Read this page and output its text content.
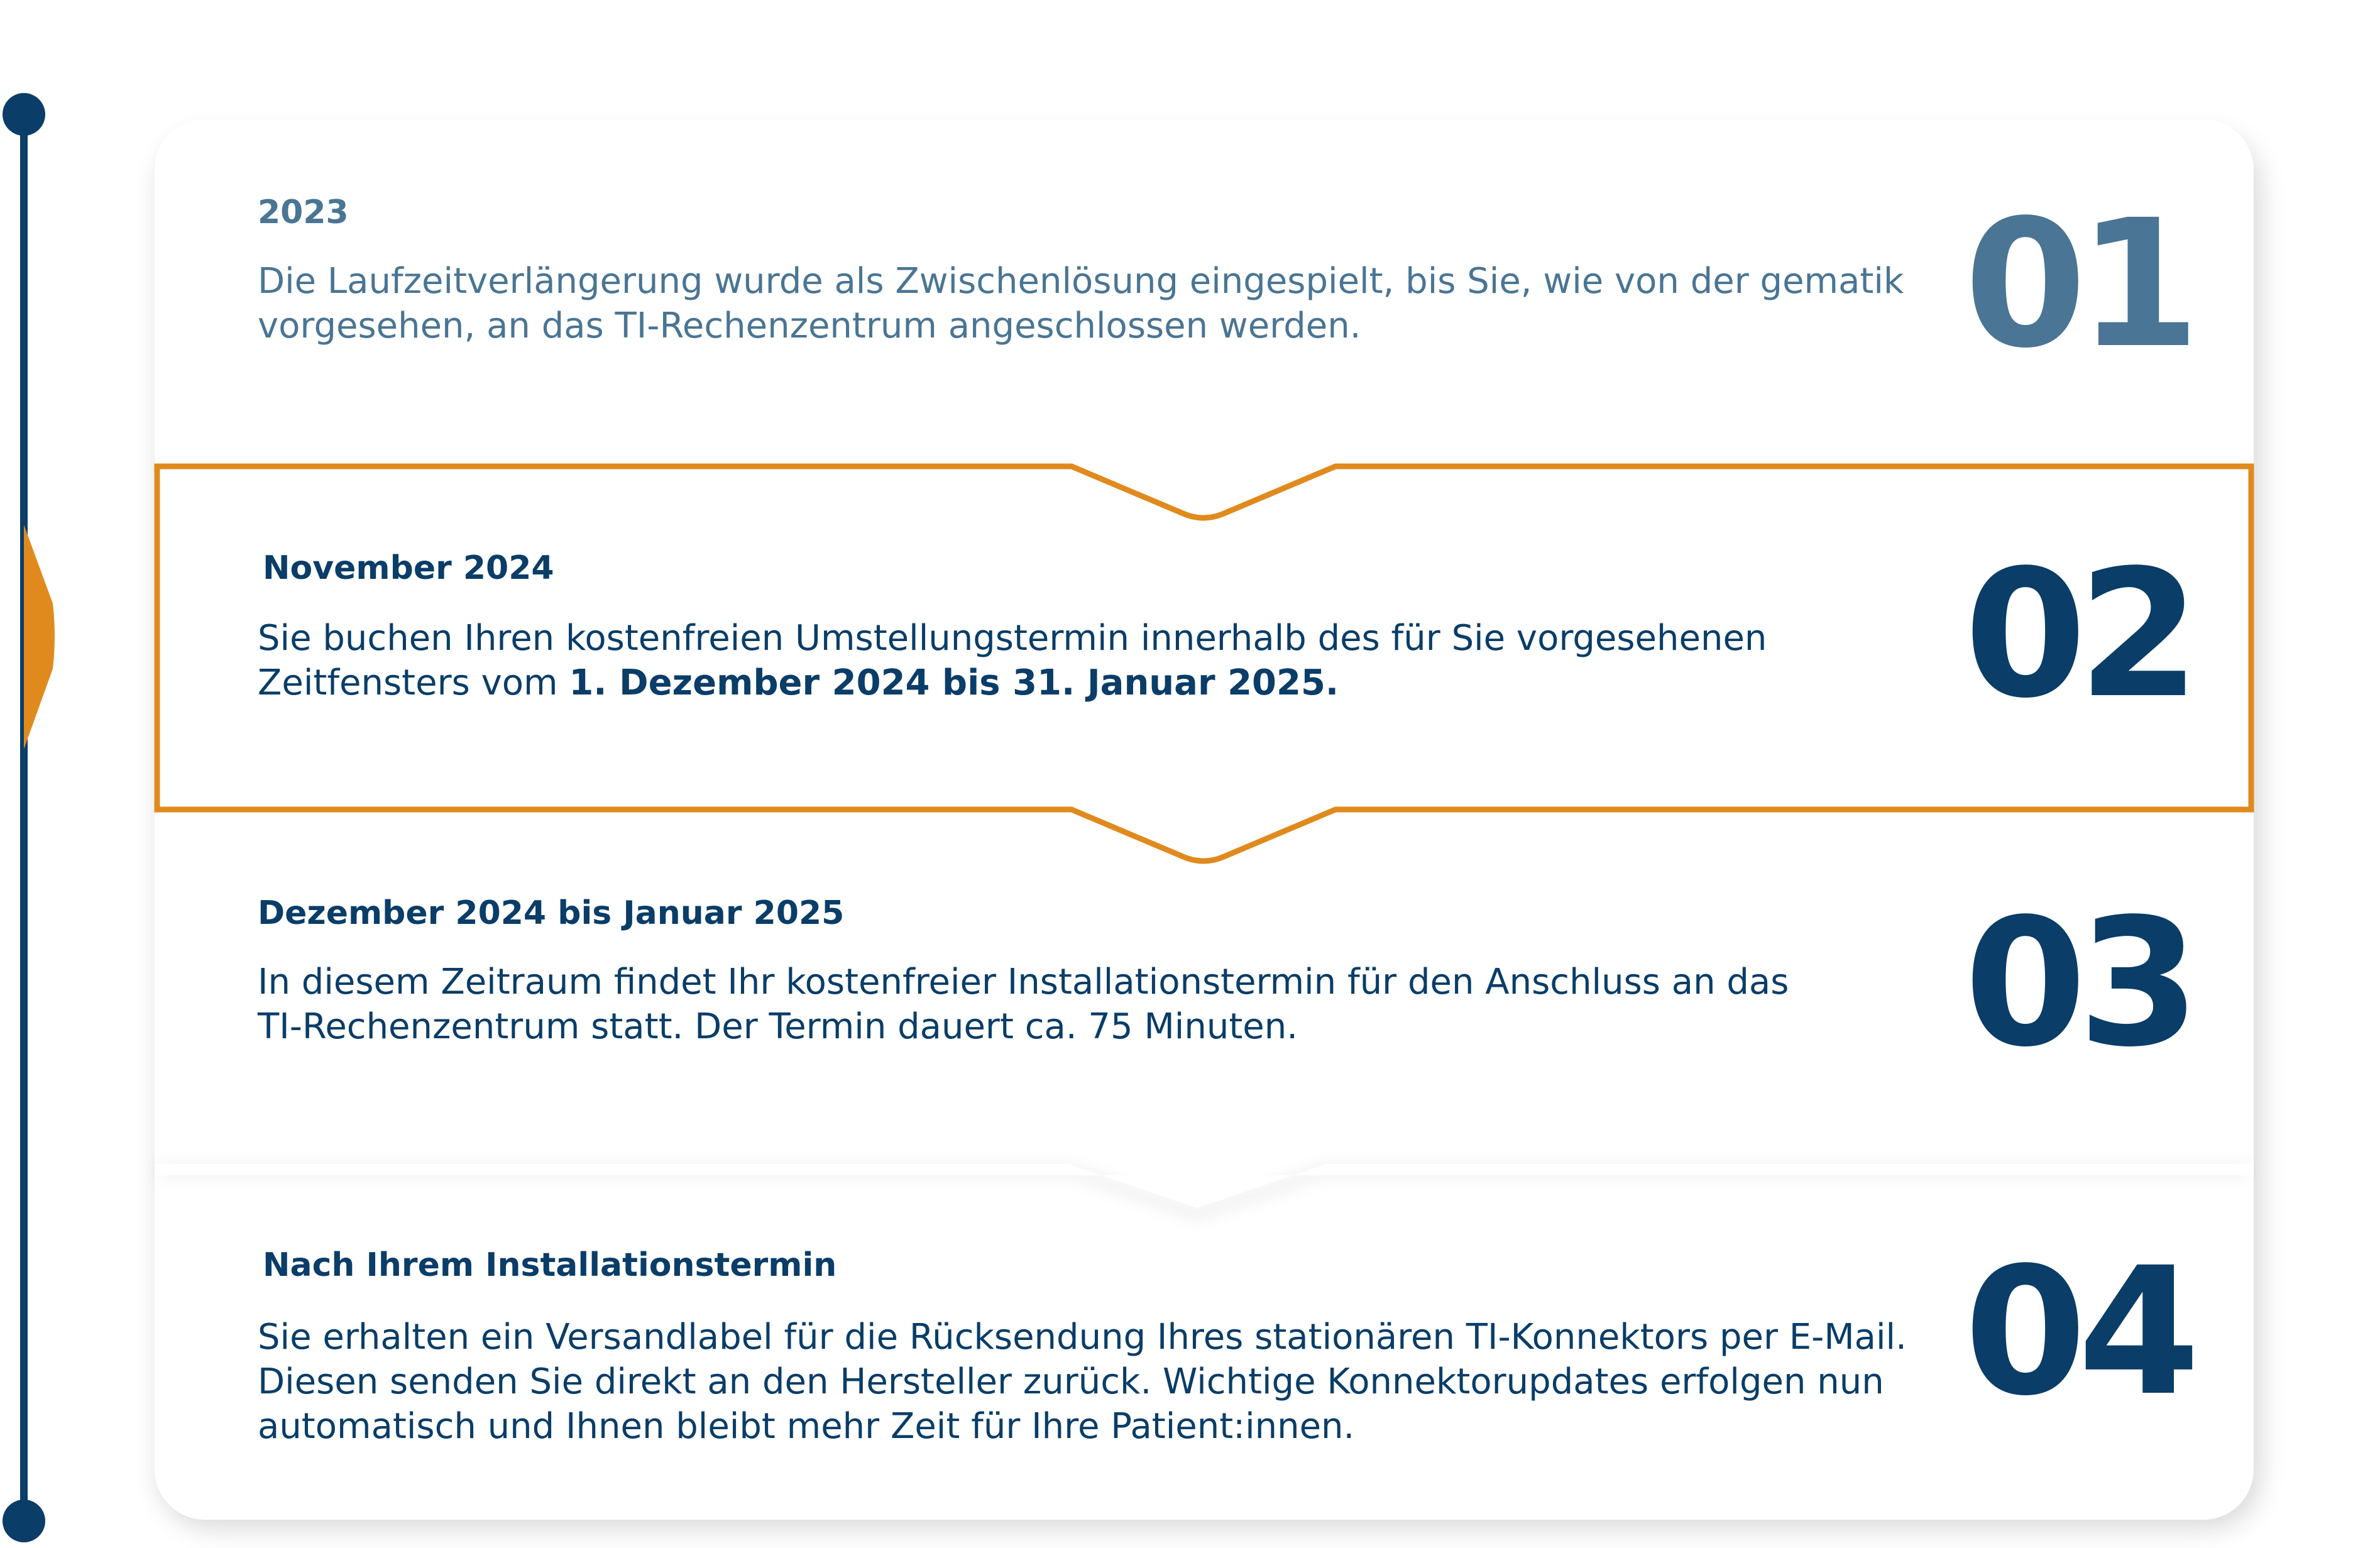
2023

Die Laufzeitverlängerung wurde als Zwischenlösung eingespielt, bis Sie, wie von der gematik

vorgesehen, an das TI-Rechenzentrum angeschlossen werden.	01
November 2024

Sie buchen Ihren kostenfreien Umstellungstermin innerhalb des für Sie vorgesehenen

Zeitfensters vom 1. Dezember 2024 bis 31. Januar 2025.	02
Dezember 2024 bis Januar 2025

In diesem Zeitraum findet Ihr kostenfreier Installationstermin für den Anschluss an das

TI-Rechenzentrum statt. Der Termin dauert ca. 75 Minuten.	03
Nach Ihrem Installationstermin

Sie erhalten ein Versandlabel für die Rücksendung Ihres stationären TI-Konnektors per E-Mail.

Diesen senden Sie direkt an den Hersteller zurück. Wichtige Konnektorupdates erfolgen nun

automatisch und Ihnen bleibt mehr Zeit für Ihre Patient:innen.	04
